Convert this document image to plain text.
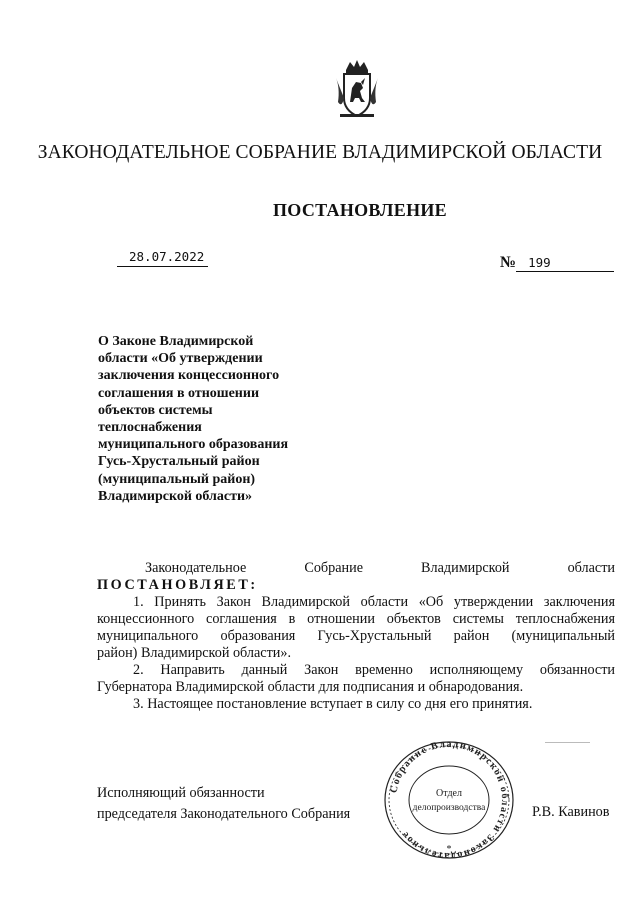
ЗАКОНОДАТЕЛЬНОЕ СОБРАНИЕ ВЛАДИМИРСКОЙ ОБЛАСТИ
ПОСТАНОВЛЕНИЕ
28.07.2022	№ 199
О Законе Владимирской
области «Об утверждении
заключения концессионного
соглашения в отношении
объектов системы
теплоснабжения
муниципального образования
Гусь-Хрустальный район
(муниципальный район)
Владимирской области»
Законодательное Собрание Владимирской области
ПОСТАНОВЛЯЕТ:
1. Принять Закон Владимирской области «Об утверждении заключения
концессионного соглашения в отношении объектов системы теплоснабжения
муниципального образования Гусь-Хрустальный район (муниципальный
район) Владимирской области».
2. Направить данный Закон временно исполняющему обязанности
Губернатора Владимирской области для подписания и обнародования.
3. Настоящее постановление вступает в силу со дня его принятия.
Исполняющий обязанности
председателя Законодательного Собрания	Р.В. Кавинов
Собрание Владимирской области Законодательное
Отдел
делопроизводства
*
